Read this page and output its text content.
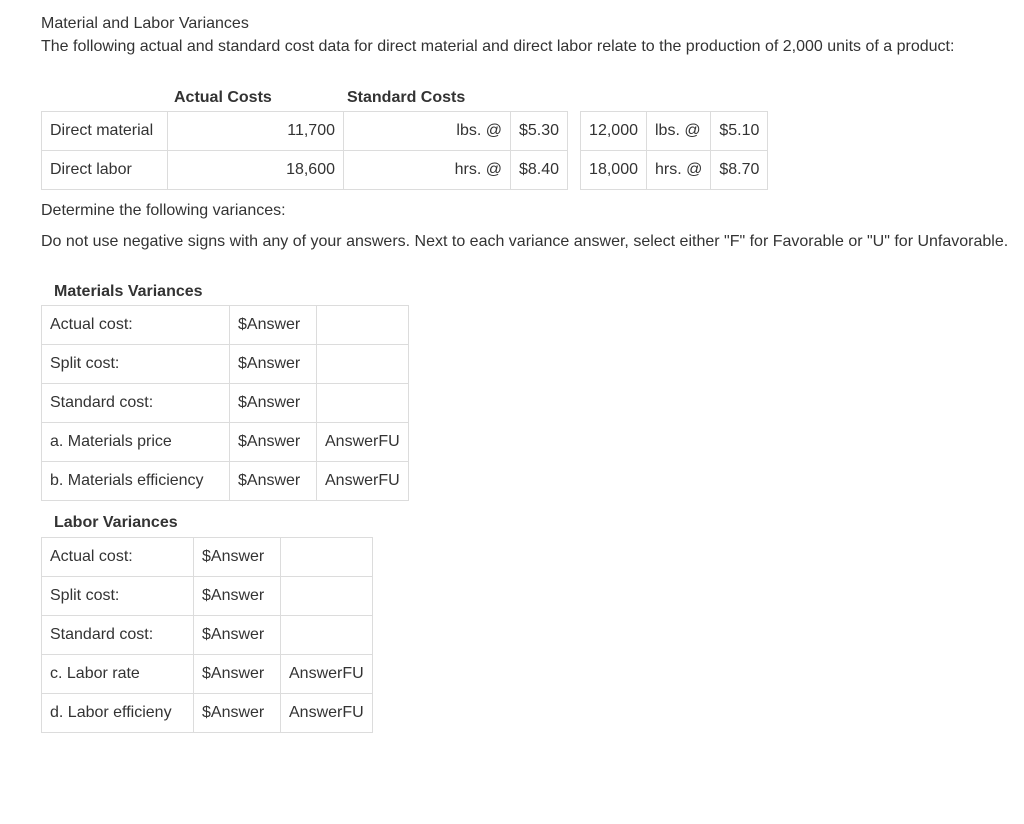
Material and Labor Variances

The following actual and standard cost data for direct material and direct labor relate to the production of 2,000 units of a product:

Actual Costs	Standard Costs
Direct material	11,700	lbs. @	$5.30		12,000	lbs. @	$5.10
Direct labor	18,600	hrs. @	$8.40		18,000	hrs. @	$8.70

Determine the following variances:

Do not use negative signs with any of your answers. Next to each variance answer, select either "F" for Favorable or "U" for Unfavorable.

Materials Variances
Actual cost:	$Answer	
Split cost:	$Answer	
Standard cost:	$Answer	
a. Materials price	$Answer	AnswerFU
b. Materials efficiency	$Answer	AnswerFU
Labor Variances
Actual cost:	$Answer	
Split cost:	$Answer	
Standard cost:	$Answer	
c. Labor rate	$Answer	AnswerFU
d. Labor efficieny	$Answer	AnswerFU
